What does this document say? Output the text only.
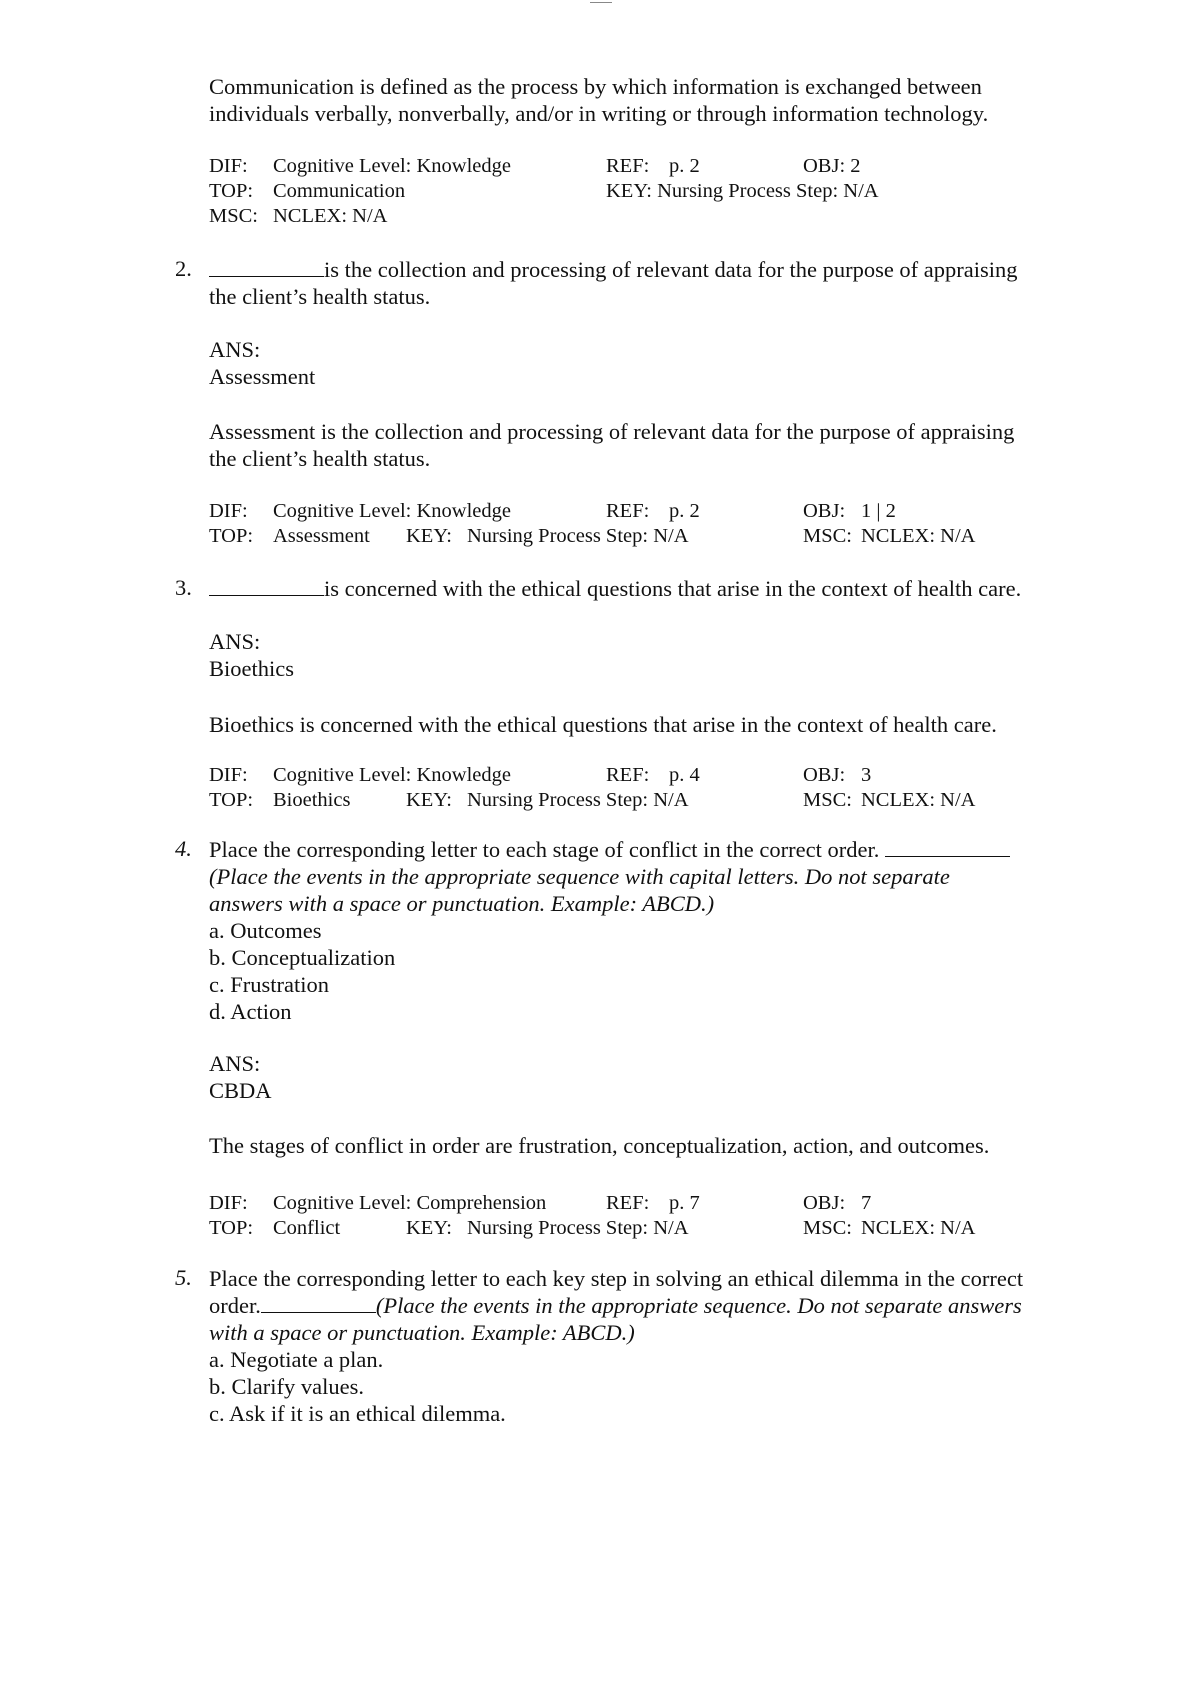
Communication is defined as the process by which information is exchanged between
individuals verbally, nonverbally, and/or in writing or through information technology.
DIF: Cognitive Level: Knowledge	REF: p. 2	OBJ: 2
TOP: Communication	KEY: Nursing Process Step: N/A
MSC: NCLEX: N/A
2.	is the collection and processing of relevant data for the purpose of appraising
the client’s health status.
ANS:
Assessment
Assessment is the collection and processing of relevant data for the purpose of appraising
the client’s health status.
DIF: Cognitive Level: Knowledge	REF: p. 2	OBJ: 1 | 2
TOP: Assessment KEY: Nursing Process Step: N/A	MSC: NCLEX: N/A
3.	is concerned with the ethical questions that arise in the context of health care.
ANS:
Bioethics
Bioethics is concerned with the ethical questions that arise in the context of health care.
DIF: Cognitive Level: Knowledge	REF: p. 4	OBJ: 3
TOP: Bioethics	KEY: Nursing Process Step: N/A	MSC: NCLEX: N/A
4. Place the corresponding letter to each stage of conflict in the correct order.
(Place the events in the appropriate sequence with capital letters. Do not separate
answers with a space or punctuation. Example: ABCD.)
a. Outcomes
b. Conceptualization
c. Frustration
d. Action
ANS:
CBDA
The stages of conflict in order are frustration, conceptualization, action, and outcomes.
DIF: Cognitive Level: Comprehension	REF: p. 7	OBJ: 7
TOP: Conflict	KEY: Nursing Process Step: N/A	MSC: NCLEX: N/A
5. Place the corresponding letter to each key step in solving an ethical dilemma in the correct
order.	(Place the events in the appropriate sequence. Do not separate answers
with a space or punctuation. Example: ABCD.)
a. Negotiate a plan.
b. Clarify values.
c. Ask if it is an ethical dilemma.
